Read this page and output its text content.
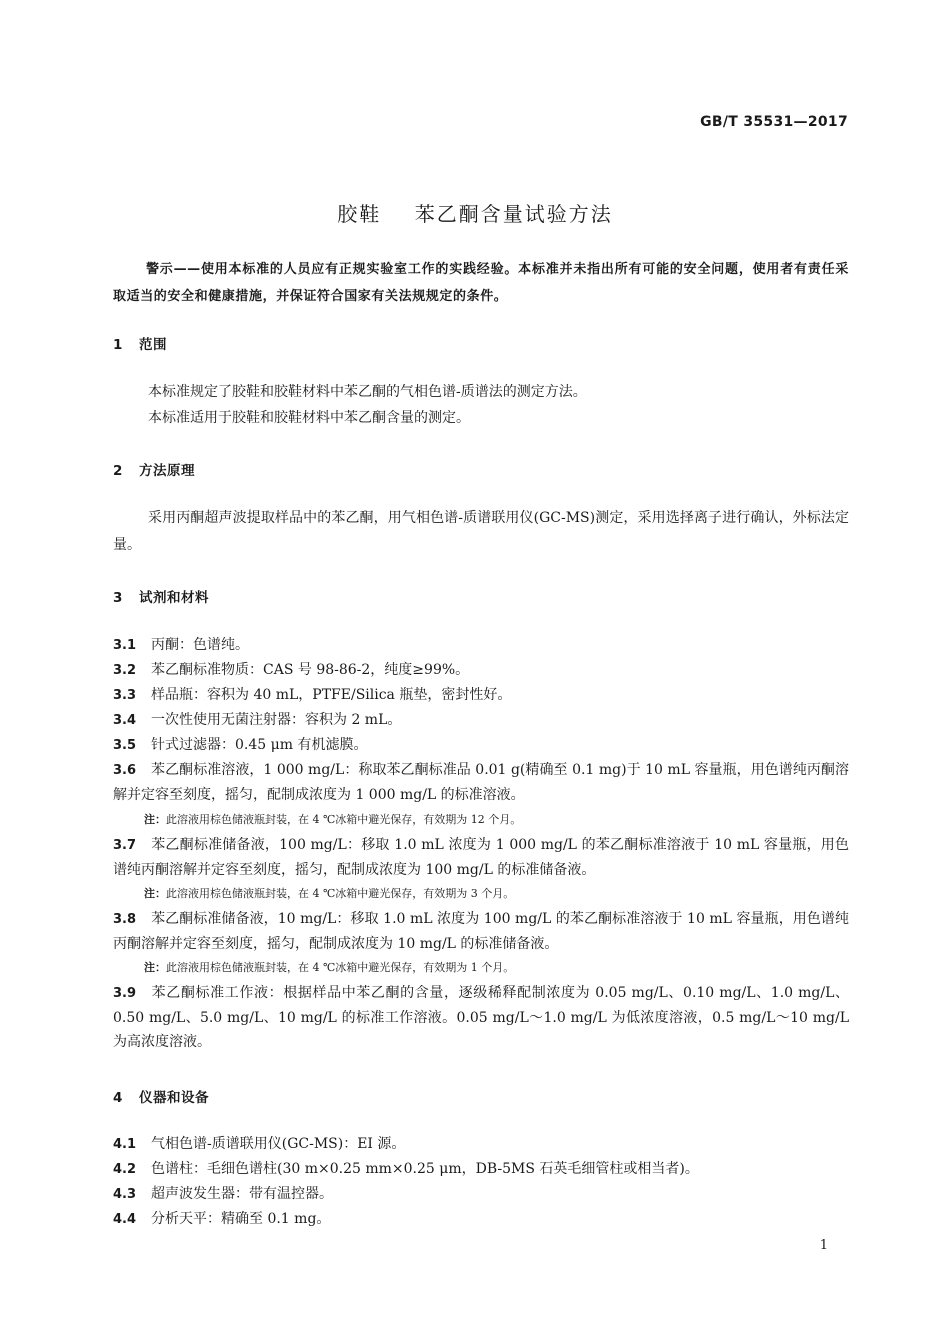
GB/T 35531—2017
胶鞋    苯乙酮含量试验方法
警示——使用本标准的人员应有正规实验室工作的实践经验。本标准并未指出所有可能的安全问题，使用者有责任采取适当的安全和健康措施，并保证符合国家有关法规规定的条件。
1 范围
本标准规定了胶鞋和胶鞋材料中苯乙酮的气相色谱-质谱法的测定方法。
本标准适用于胶鞋和胶鞋材料中苯乙酮含量的测定。
2 方法原理
采用丙酮超声波提取样品中的苯乙酮，用气相色谱-质谱联用仪(GC-MS)测定，采用选择离子进行确认，外标法定量。
3 试剂和材料
3.1 丙酮：色谱纯。
3.2 苯乙酮标准物质：CAS 号 98-86-2，纯度≥99%。
3.3 样品瓶：容积为 40 mL，PTFE/Silica 瓶垫，密封性好。
3.4 一次性使用无菌注射器：容积为 2 mL。
3.5 针式过滤器：0.45 μm 有机滤膜。
3.6 苯乙酮标准溶液，1 000 mg/L：称取苯乙酮标准品 0.01 g(精确至 0.1 mg)于 10 mL 容量瓶，用色谱纯丙酮溶解并定容至刻度，摇匀，配制成浓度为 1 000 mg/L 的标准溶液。
注：此溶液用棕色储液瓶封装，在 4 ℃冰箱中避光保存，有效期为 12 个月。
3.7 苯乙酮标准储备液，100 mg/L：移取 1.0 mL 浓度为 1 000 mg/L 的苯乙酮标准溶液于 10 mL 容量瓶，用色谱纯丙酮溶解并定容至刻度，摇匀，配制成浓度为 100 mg/L 的标准储备液。
注：此溶液用棕色储液瓶封装，在 4 ℃冰箱中避光保存，有效期为 3 个月。
3.8 苯乙酮标准储备液，10 mg/L：移取 1.0 mL 浓度为 100 mg/L 的苯乙酮标准溶液于 10 mL 容量瓶，用色谱纯丙酮溶解并定容至刻度，摇匀，配制成浓度为 10 mg/L 的标准储备液。
注：此溶液用棕色储液瓶封装，在 4 ℃冰箱中避光保存，有效期为 1 个月。
3.9 苯乙酮标准工作液：根据样品中苯乙酮的含量，逐级稀释配制浓度为 0.05 mg/L、0.10 mg/L、1.0 mg/L、0.50 mg/L、5.0 mg/L、10 mg/L 的标准工作溶液。0.05 mg/L～1.0 mg/L 为低浓度溶液，0.5 mg/L～10 mg/L 为高浓度溶液。
4 仪器和设备
4.1 气相色谱-质谱联用仪(GC-MS)：EI 源。
4.2 色谱柱：毛细色谱柱(30 m×0.25 mm×0.25 μm，DB-5MS 石英毛细管柱或相当者)。
4.3 超声波发生器：带有温控器。
4.4 分析天平：精确至 0.1 mg。
1
